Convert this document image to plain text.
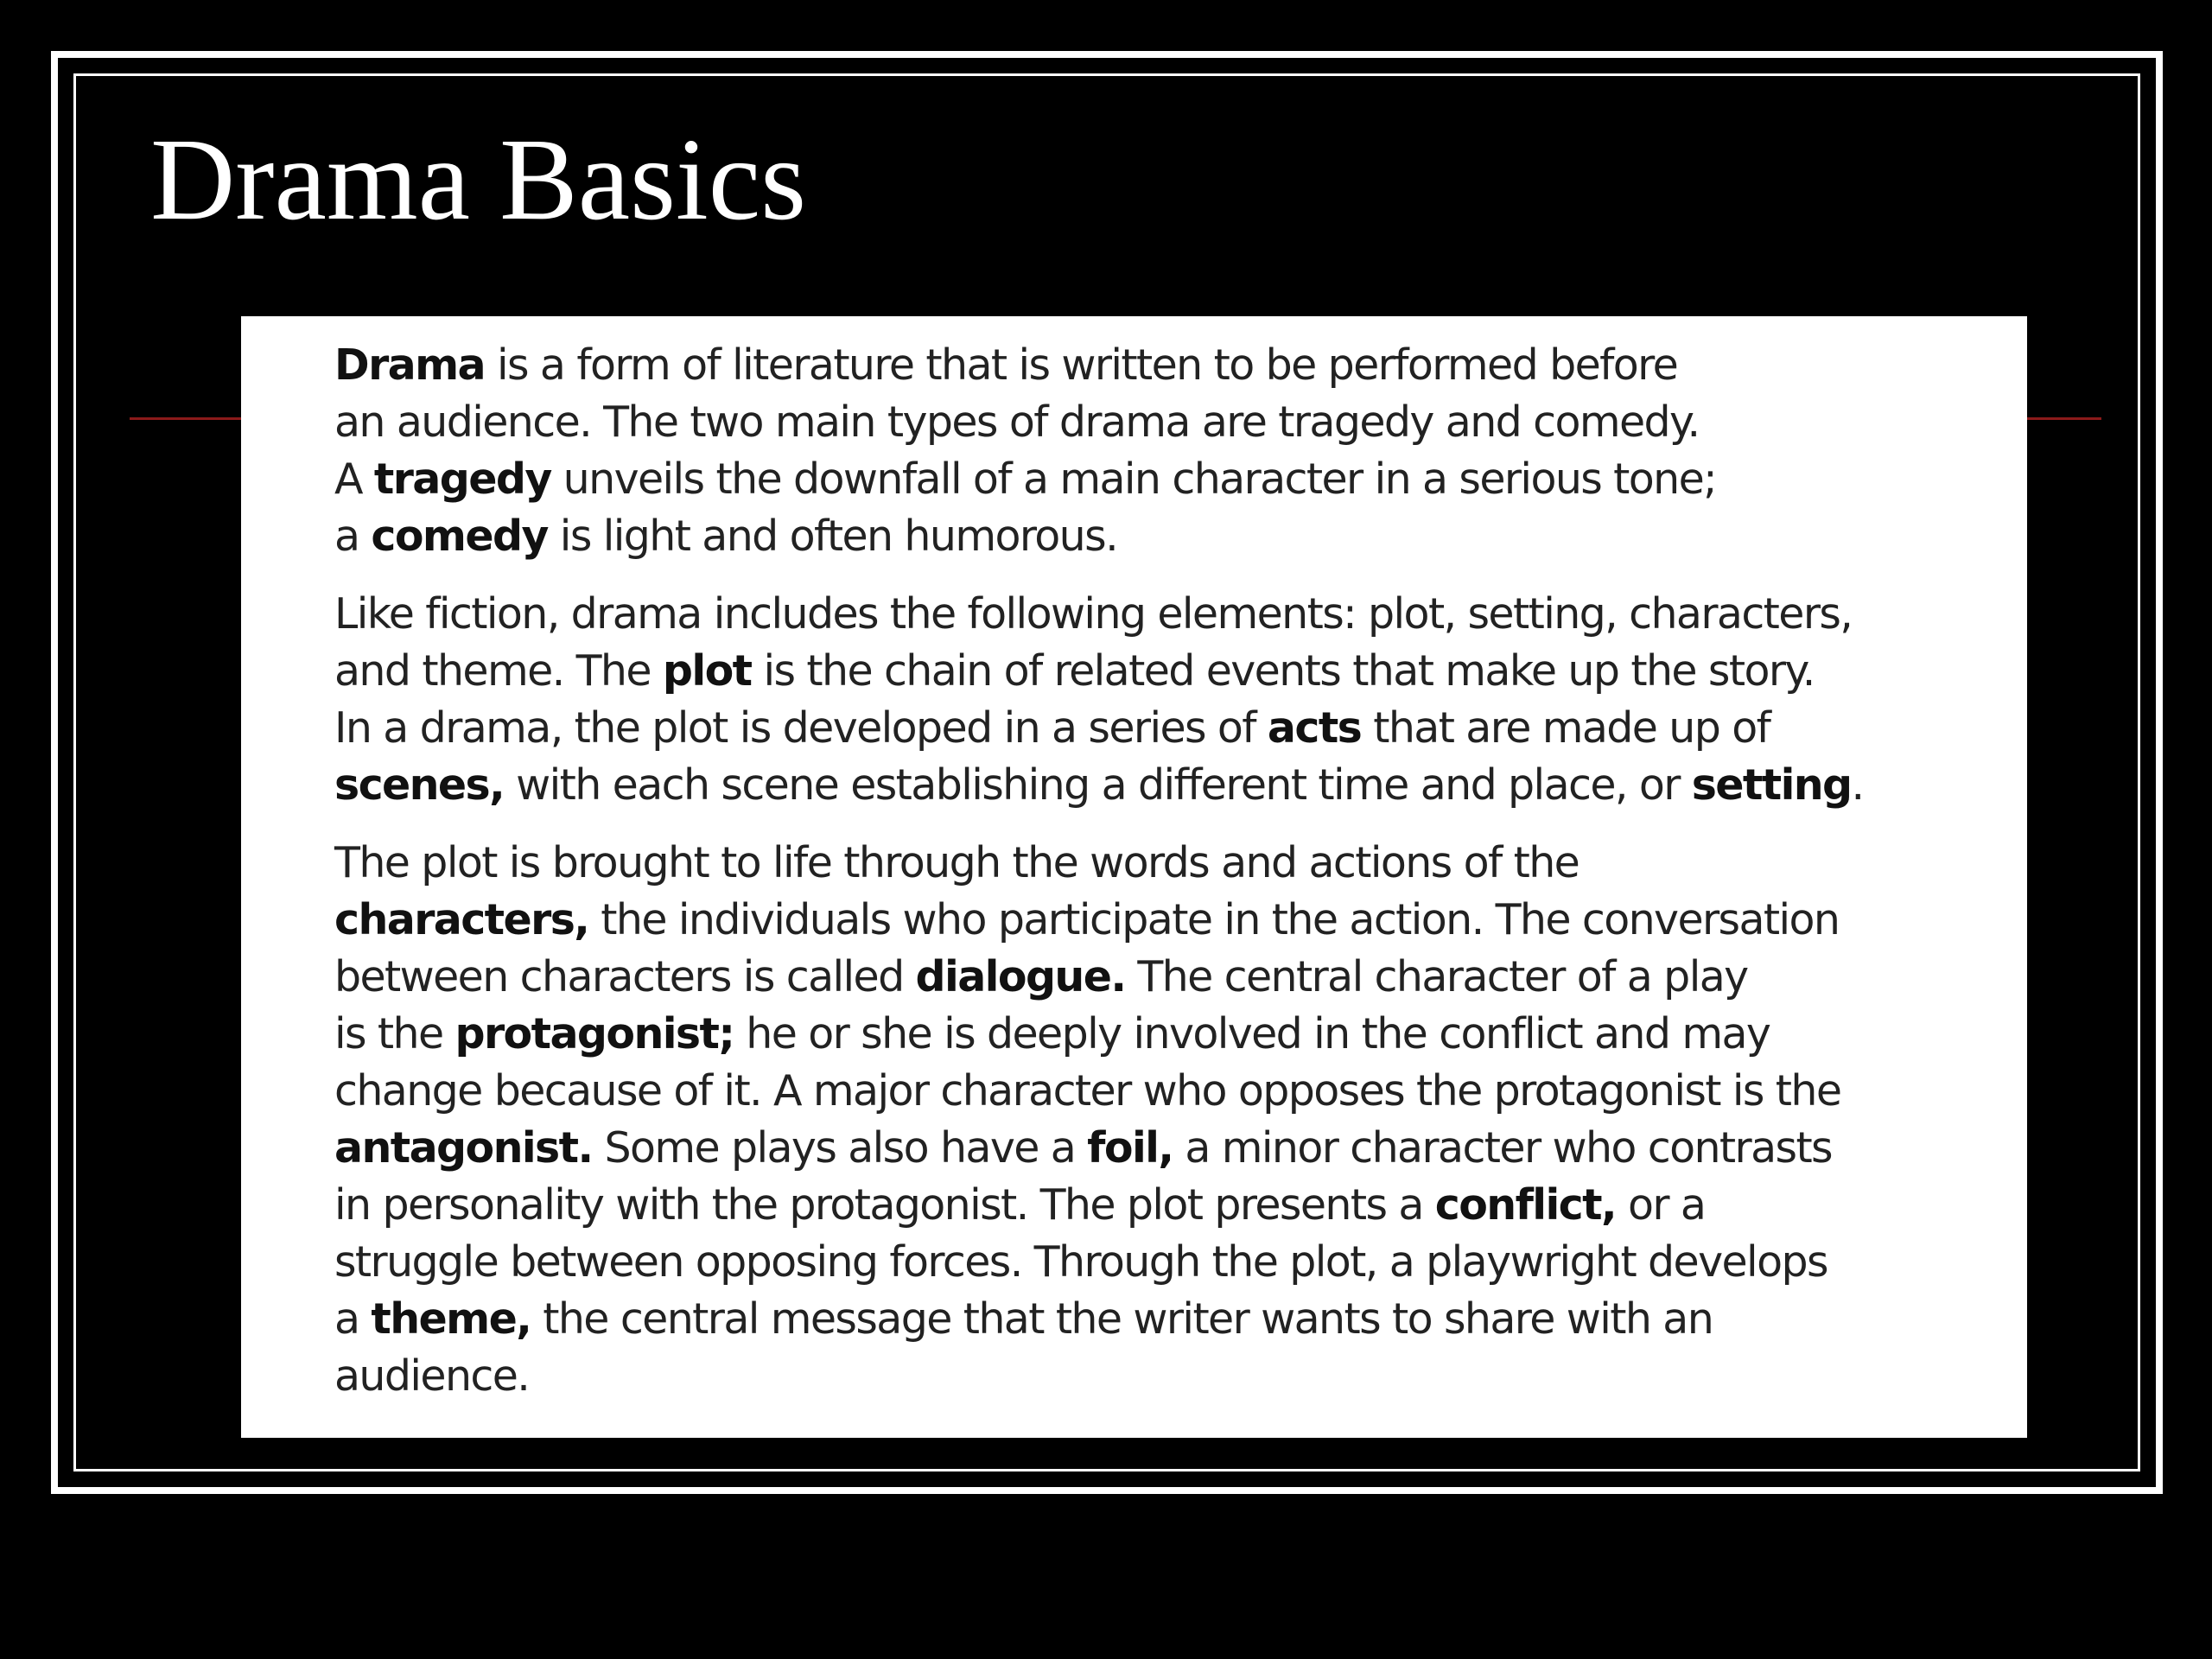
Drama Basics

Drama is a form of literature that is written to be performed before
an audience. The two main types of drama are tragedy and comedy.
A tragedy unveils the downfall of a main character in a serious tone;
a comedy is light and often humorous.

Like fiction, drama includes the following elements: plot, setting, characters,
and theme. The plot is the chain of related events that make up the story.
In a drama, the plot is developed in a series of acts that are made up of
scenes, with each scene establishing a different time and place, or setting.

The plot is brought to life through the words and actions of the
characters, the individuals who participate in the action. The conversation
between characters is called dialogue. The central character of a play
is the protagonist; he or she is deeply involved in the conflict and may
change because of it. A major character who opposes the protagonist is the
antagonist. Some plays also have a foil, a minor character who contrasts
in personality with the protagonist. The plot presents a conflict, or a
struggle between opposing forces. Through the plot, a playwright develops
a theme, the central message that the writer wants to share with an
audience.
